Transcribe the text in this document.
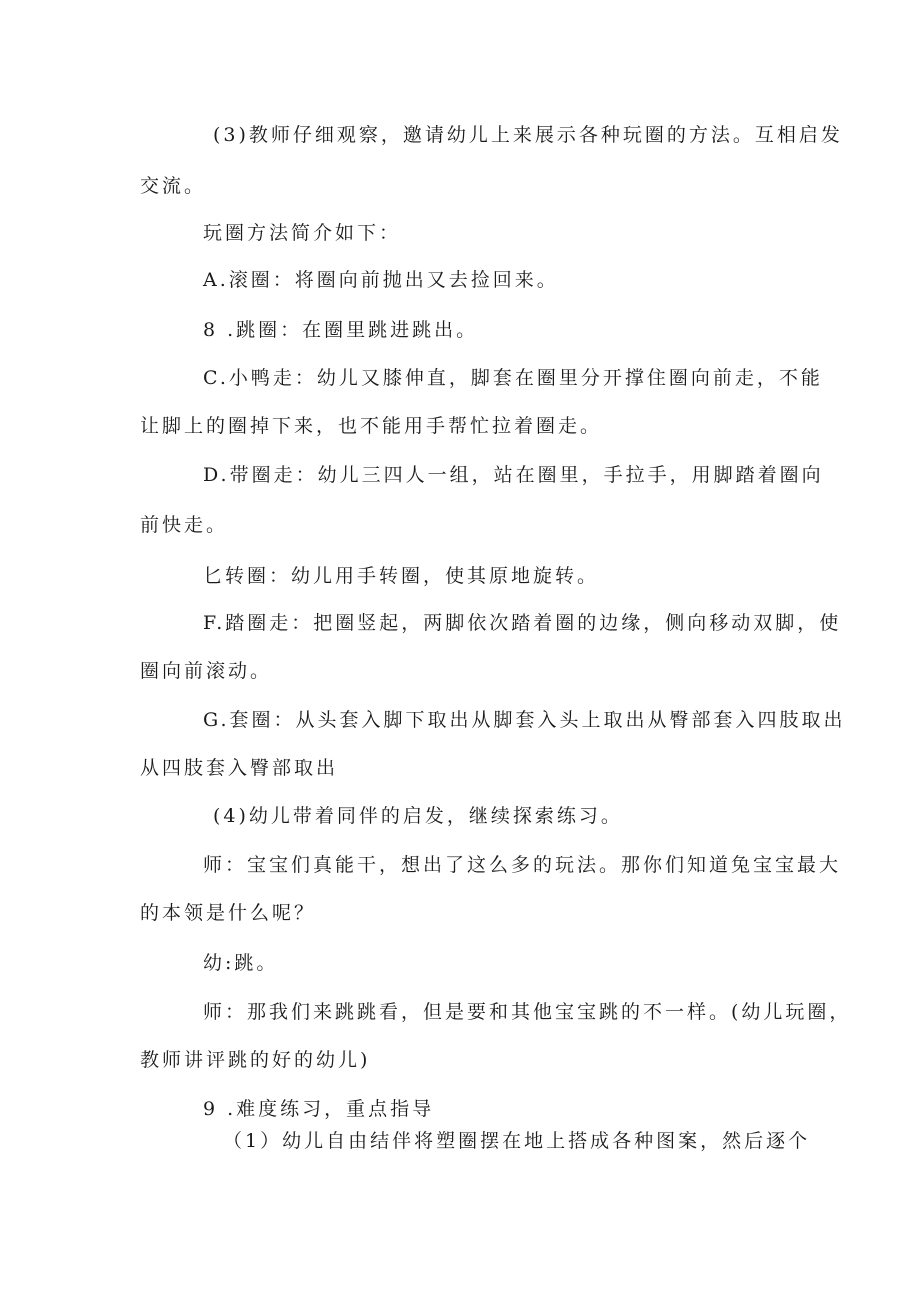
(3)教师仔细观察，邀请幼儿上来展示各种玩圈的方法。互相启发
交流。
玩圈方法简介如下：
A.滚圈：将圈向前抛出又去捡回来。
8 .跳圈：在圈里跳进跳出。
C.小鸭走：幼儿又膝伸直，脚套在圈里分开撑住圈向前走，不能
让脚上的圈掉下来，也不能用手帮忙拉着圈走。
D.带圈走：幼儿三四人一组，站在圈里，手拉手，用脚踏着圈向
前快走。
匕转圈：幼儿用手转圈，使其原地旋转。
F.踏圈走：把圈竖起，两脚依次踏着圈的边缘，侧向移动双脚，使
圈向前滚动。
G.套圈：从头套入脚下取出从脚套入头上取出从臀部套入四肢取出
从四肢套入臀部取出
(4)幼儿带着同伴的启发，继续探索练习。
师：宝宝们真能干，想出了这么多的玩法。那你们知道兔宝宝最大
的本领是什么呢？
幼:跳。
师：那我们来跳跳看，但是要和其他宝宝跳的不一样。(幼儿玩圈，
教师讲评跳的好的幼儿)
9 .难度练习，重点指导
（1）幼儿自由结伴将塑圈摆在地上搭成各种图案，然后逐个
